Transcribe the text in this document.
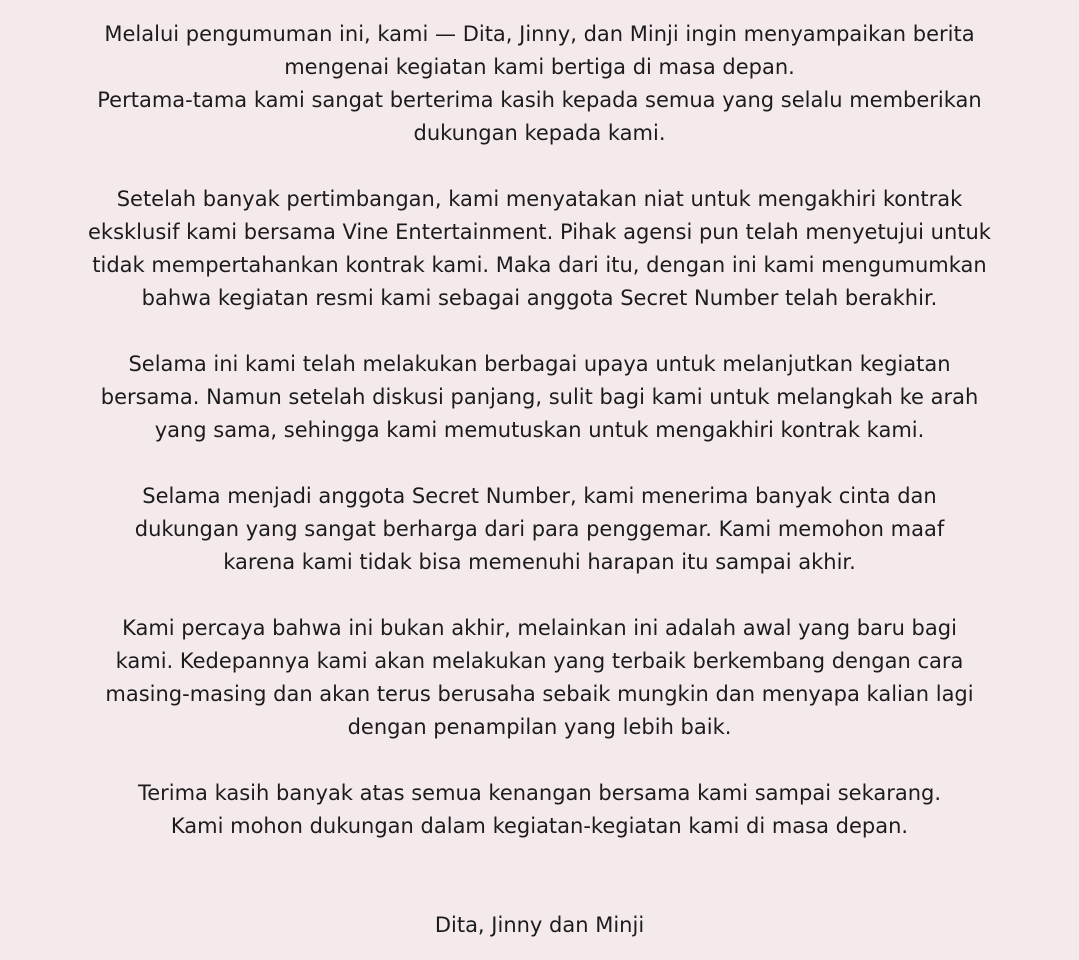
Melalui pengumuman ini, kami — Dita, Jinny, dan Minji ingin menyampaikan berita
mengenai kegiatan kami bertiga di masa depan.
Pertama-tama kami sangat berterima kasih kepada semua yang selalu memberikan
dukungan kepada kami.

Setelah banyak pertimbangan, kami menyatakan niat untuk mengakhiri kontrak
eksklusif kami bersama Vine Entertainment. Pihak agensi pun telah menyetujui untuk
tidak mempertahankan kontrak kami. Maka dari itu, dengan ini kami mengumumkan
bahwa kegiatan resmi kami sebagai anggota Secret Number telah berakhir.

Selama ini kami telah melakukan berbagai upaya untuk melanjutkan kegiatan
bersama. Namun setelah diskusi panjang, sulit bagi kami untuk melangkah ke arah
yang sama, sehingga kami memutuskan untuk mengakhiri kontrak kami.

Selama menjadi anggota Secret Number, kami menerima banyak cinta dan
dukungan yang sangat berharga dari para penggemar. Kami memohon maaf
karena kami tidak bisa memenuhi harapan itu sampai akhir.

Kami percaya bahwa ini bukan akhir, melainkan ini adalah awal yang baru bagi
kami. Kedepannya kami akan melakukan yang terbaik berkembang dengan cara
masing-masing dan akan terus berusaha sebaik mungkin dan menyapa kalian lagi
dengan penampilan yang lebih baik.

Terima kasih banyak atas semua kenangan bersama kami sampai sekarang.
Kami mohon dukungan dalam kegiatan-kegiatan kami di masa depan.

Dita, Jinny dan Minji
